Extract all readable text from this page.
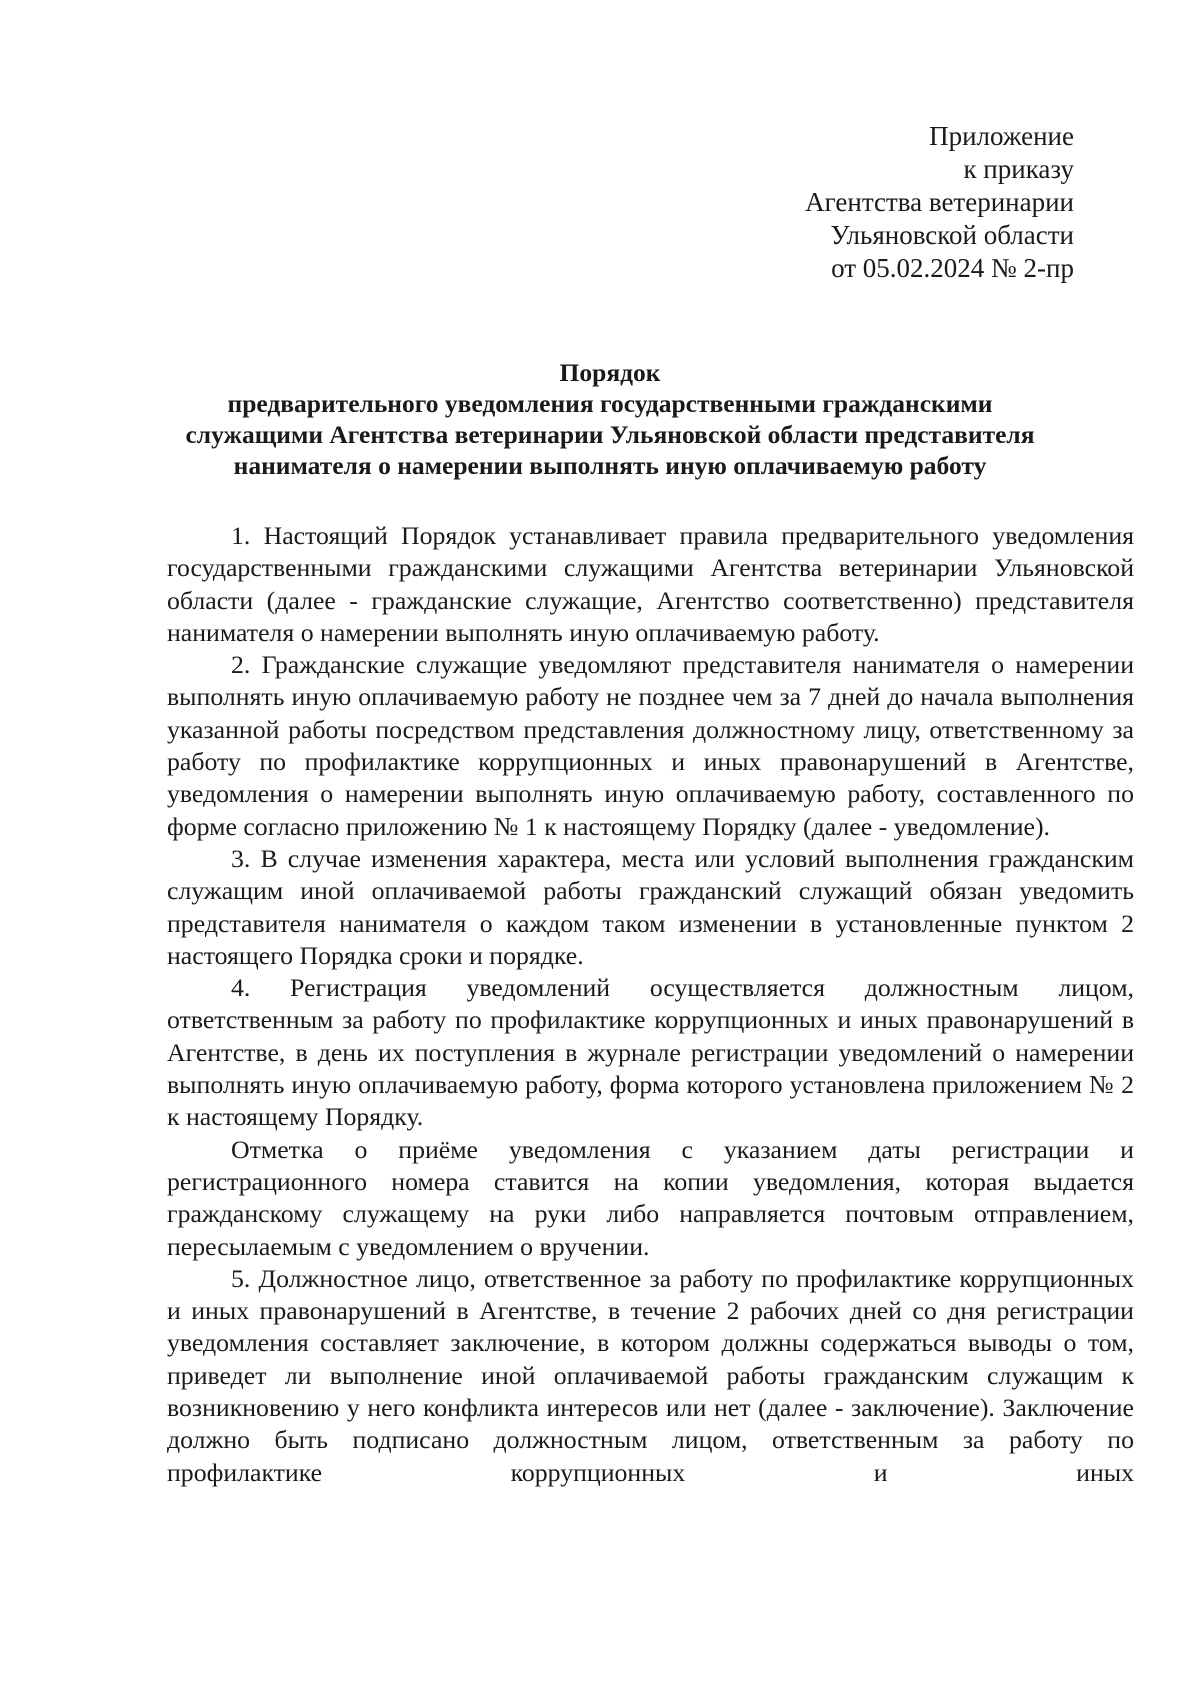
Приложение
к приказу
Агентства ветеринарии
Ульяновской области
от 05.02.2024 № 2-пр
Порядок
предварительного уведомления государственными гражданскими
служащими Агентства ветеринарии Ульяновской области представителя
нанимателя о намерении выполнять иную оплачиваемую работу

1. Настоящий Порядок устанавливает правила предварительного уведомления государственными гражданскими служащими Агентства ветеринарии Ульяновской области (далее - гражданские служащие, Агентство соответственно) представителя нанимателя о намерении выполнять иную оплачиваемую работу.

2. Гражданские служащие уведомляют представителя нанимателя о намерении выполнять иную оплачиваемую работу не позднее чем за 7 дней до начала выполнения указанной работы посредством представления должностному лицу, ответственному за работу по профилактике коррупционных и иных правонарушений в Агентстве, уведомления о намерении выполнять иную оплачиваемую работу, составленного по форме согласно приложению № 1 к настоящему Порядку (далее - уведомление).

3. В случае изменения характера, места или условий выполнения гражданским служащим иной оплачиваемой работы гражданский служащий обязан уведомить представителя нанимателя о каждом таком изменении в установленные пунктом 2 настоящего Порядка сроки и порядке.

4. Регистрация уведомлений осуществляется должностным лицом, ответственным за работу по профилактике коррупционных и иных правонарушений в Агентстве, в день их поступления в журнале регистрации уведомлений о намерении выполнять иную оплачиваемую работу, форма которого установлена приложением № 2 к настоящему Порядку.

Отметка о приёме уведомления с указанием даты регистрации и регистрационного номера ставится на копии уведомления, которая выдается гражданскому служащему на руки либо направляется почтовым отправлением, пересылаемым с уведомлением о вручении.

5. Должностное лицо, ответственное за работу по профилактике коррупционных и иных правонарушений в Агентстве, в течение 2 рабочих дней со дня регистрации уведомления составляет заключение, в котором должны содержаться выводы о том, приведет ли выполнение иной оплачиваемой работы гражданским служащим к возникновению у него конфликта интересов или нет (далее - заключение). Заключение должно быть подписано должностным лицом, ответственным за работу по профилактике коррупционных и иных
